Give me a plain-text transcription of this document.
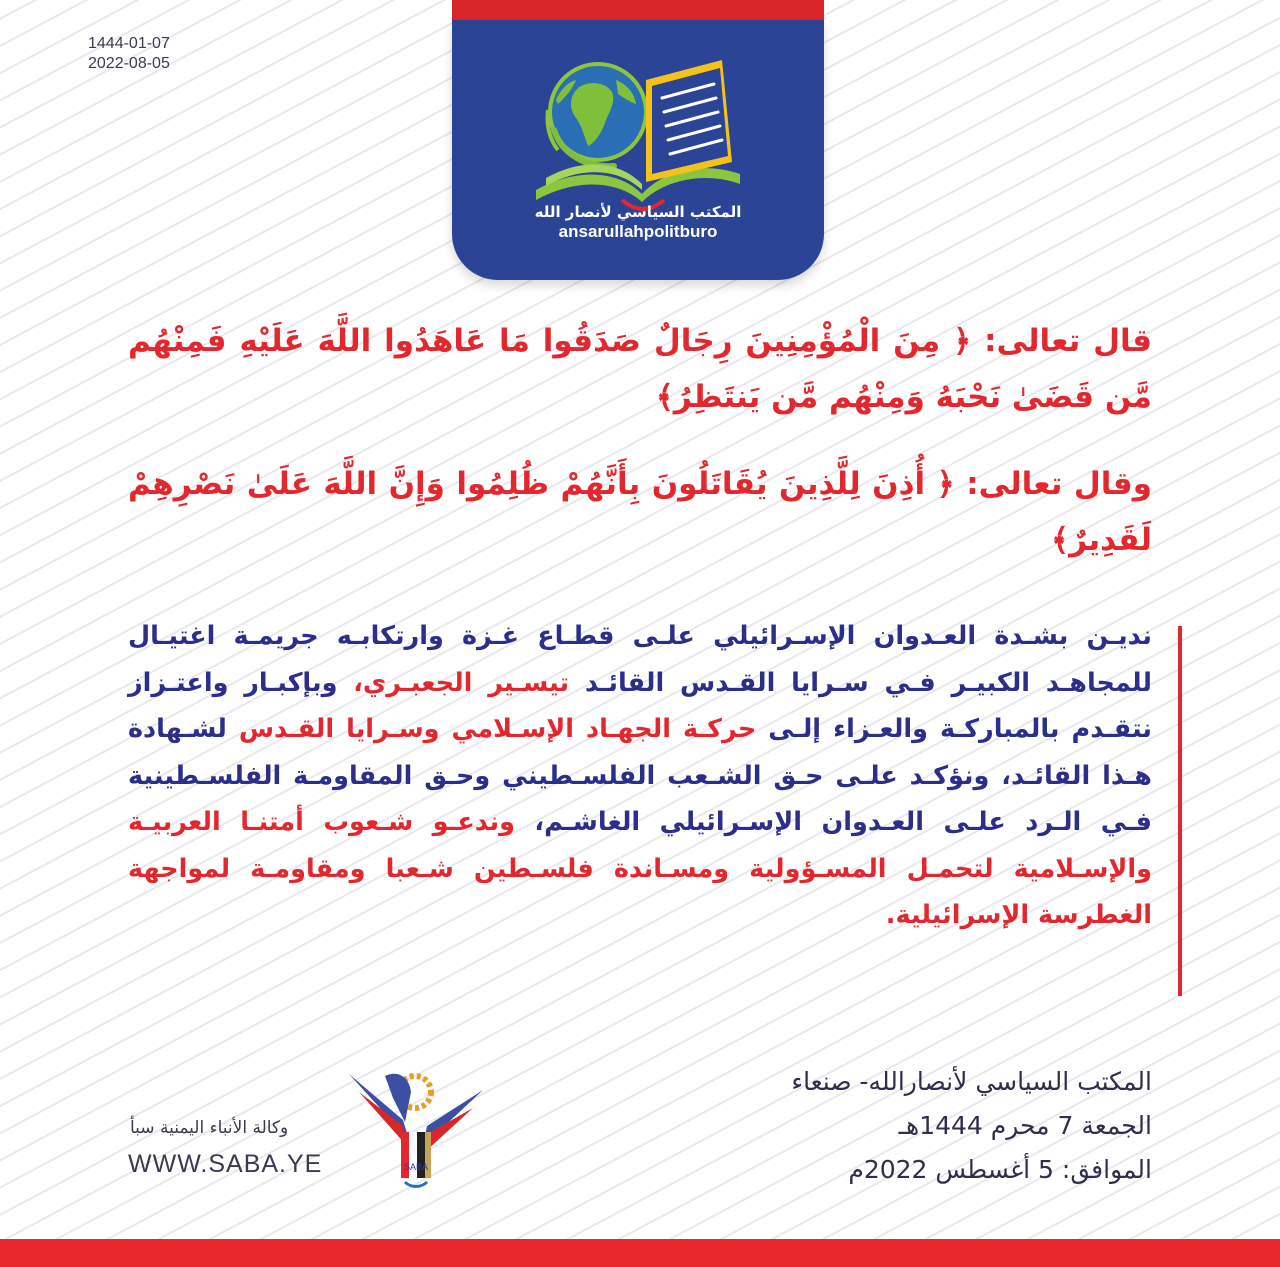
1444-01-07
2022-08-05
المكتب السياسي لأنصار الله
ansarullahpolitburo
قال تعالى: ﴿ مِنَ الْمُؤْمِنِينَ رِجَالٌ صَدَقُوا مَا عَاهَدُوا اللَّهَ عَلَيْهِ فَمِنْهُم مَّن قَضَىٰ نَحْبَهُ وَمِنْهُم مَّن يَنتَظِرُ﴾
وقال تعالى: ﴿ أُذِنَ لِلَّذِينَ يُقَاتَلُونَ بِأَنَّهُمْ ظُلِمُوا وَإِنَّ اللَّهَ عَلَىٰ نَصْرِهِمْ لَقَدِيرٌ﴾
نديـن بشـدة العـدوان الإسـرائيلي علـى قطـاع غـزة وارتكابـه جريمـة اغتيـال للمجاهـد الكبيـر فـي سـرايا القـدس القائـد تيسـير الجعبـري، وبإكبـار واعتـزاز نتقـدم بالمباركـة والعـزاء إلـى حركـة الجهـاد الإسـلامي وسـرايا القـدس لشـهادة هـذا القائـد، ونؤكـد علـى حـق الشـعب الفلسـطيني وحـق المقاومـة الفلسـطينية فـي الـرد علـى العـدوان الإسـرائيلي الغاشـم، وندعـو شـعوب أمتنـا العربيـة والإسـلامية لتحمـل المسـؤولية ومسـاندة فلسـطين شـعبا ومقاومـة لمواجهة الغطرسة الإسرائيلية.
المكتب السياسي لأنصارالله- صنعاء
الجمعة 7 محرم 1444هـ
الموافق: 5 أغسطس 2022م
SABA
وكالة الأنباء اليمنية سبأ
WWW.SABA.YE
